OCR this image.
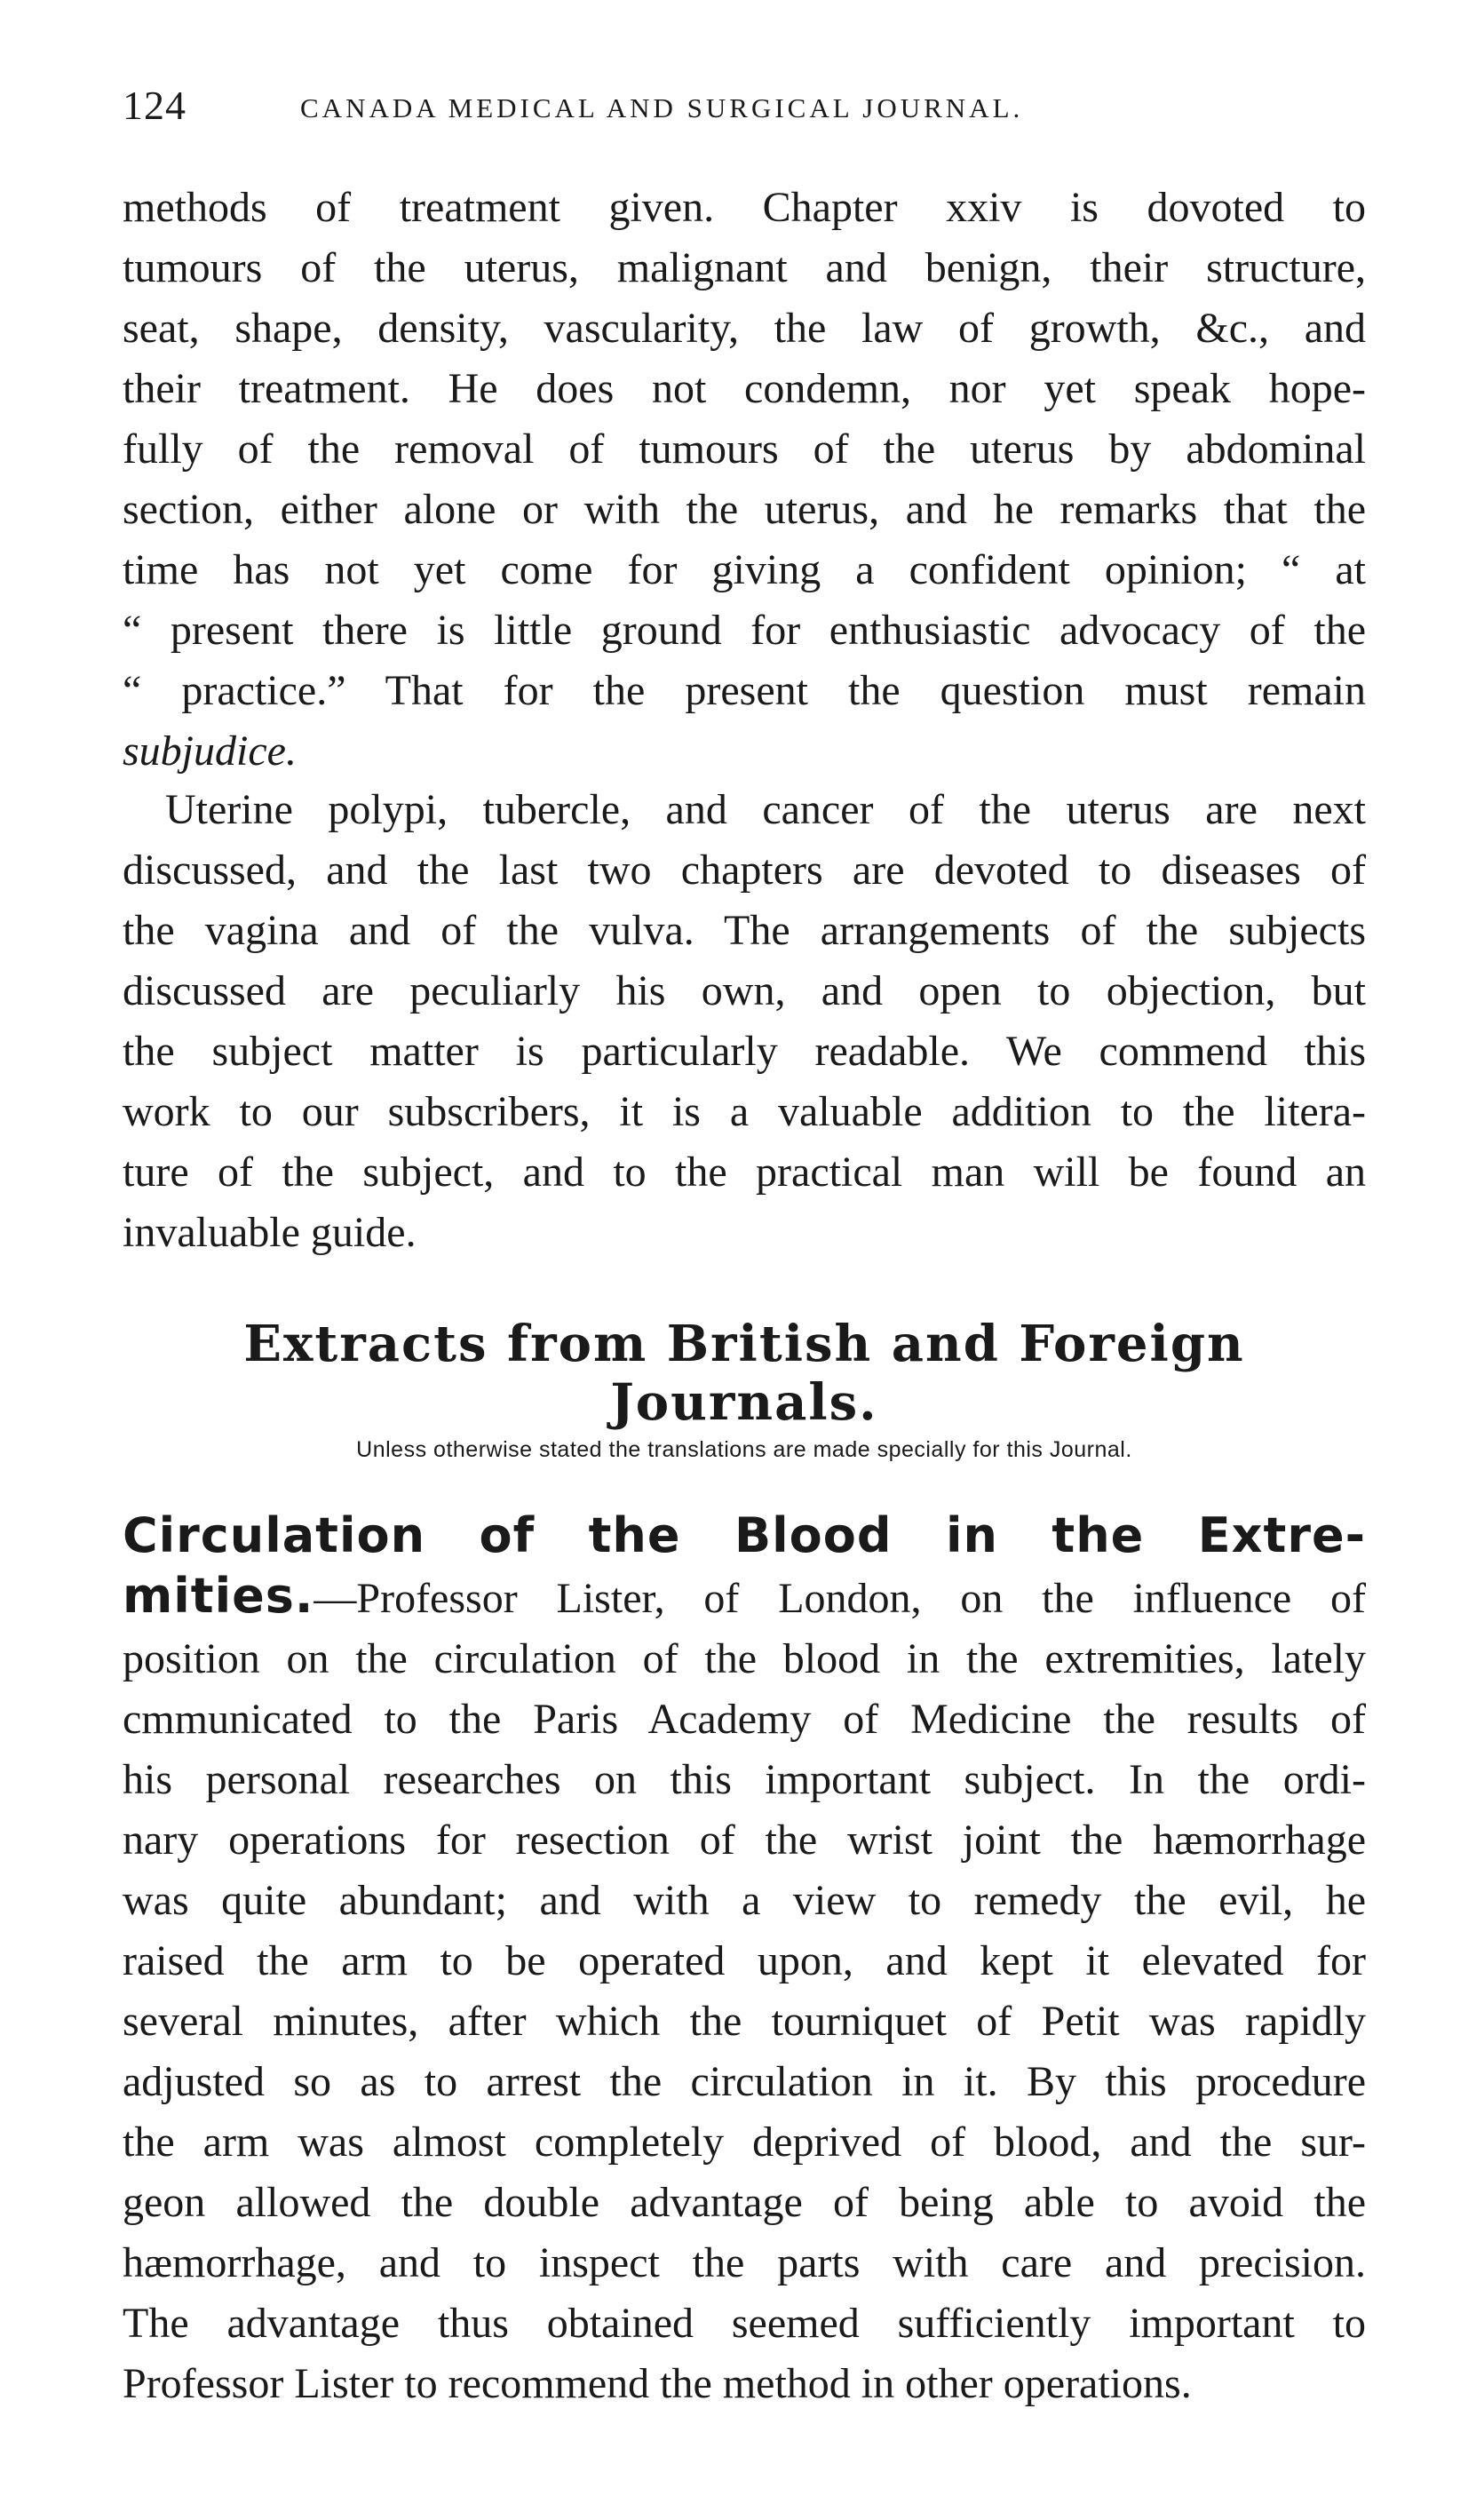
124	CANADA MEDICAL AND SURGICAL JOURNAL.
methods of treatment given. Chapter xxiv is dovoted to
tumours of the uterus, malignant and benign, their structure,
seat, shape, density, vascularity, the law of growth, &c., and
their treatment. He does not condemn, nor yet speak hope-
fully of the removal of tumours of the uterus by abdominal
section, either alone or with the uterus, and he remarks that the
time has not yet come for giving a confident opinion; “ at
“ present there is little ground for enthusiastic advocacy of the
“ practice.” That for the present the question must remain
subjudice.
Uterine polypi, tubercle, and cancer of the uterus are next
discussed, and the last two chapters are devoted to diseases of
the vagina and of the vulva. The arrangements of the subjects
discussed are peculiarly his own, and open to objection, but
the subject matter is particularly readable. We commend this
work to our subscribers, it is a valuable addition to the litera-
ture of the subject, and to the practical man will be found an
invaluable guide.
Extracts from British and Foreign Journals.

Unless otherwise stated the translations are made specially for this Journal.

Circulation of the Blood in the Extre-
mities.—Professor Lister, of London, on the influence of
position on the circulation of the blood in the extremities, lately
cmmunicated to the Paris Academy of Medicine the results of
his personal researches on this important subject. In the ordi-
nary operations for resection of the wrist joint the hæmorrhage
was quite abundant; and with a view to remedy the evil, he
raised the arm to be operated upon, and kept it elevated for
several minutes, after which the tourniquet of Petit was rapidly
adjusted so as to arrest the circulation in it. By this procedure
the arm was almost completely deprived of blood, and the sur-
geon allowed the double advantage of being able to avoid the
hæmorrhage, and to inspect the parts with care and precision.
The advantage thus obtained seemed sufficiently important to
Professor Lister to recommend the method in other operations.
